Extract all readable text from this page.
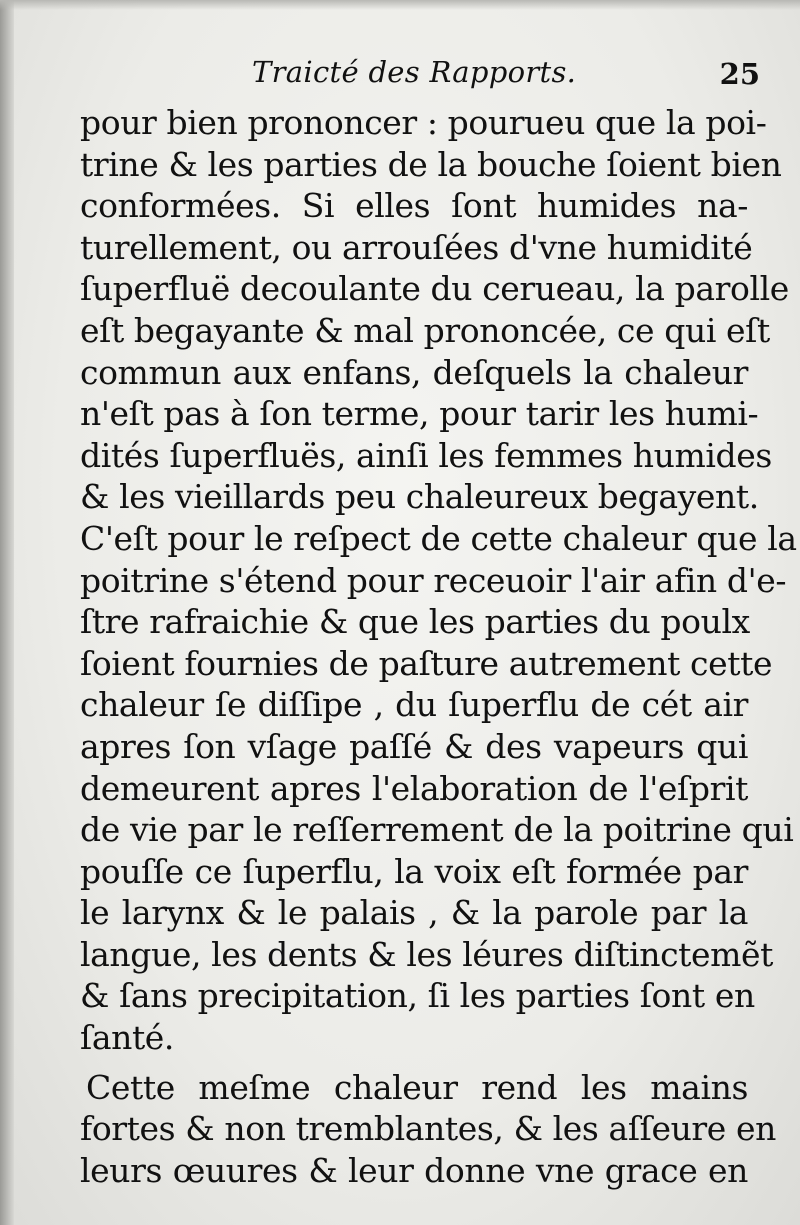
Traicté des Rapports.	25
pour bien prononcer : pouruеu que la poi-
trine & les parties de la bouche ſoient bien
conformées. Si elles ſont humides na-
turellement, ou arrouſées d'vne humidité
ſuperfluë decoulante du cerueau, la parolle
eſt begayante & mal prononcée, ce qui eſt
commun aux enfans, deſquels la chaleur
n'eſt pas à ſon terme, pour tarir les humi-
dités ſuperfluës, ainſi les femmes humides
& les vieillards peu chaleureux begayent.
C'eſt pour le reſpect de cette chaleur que la
poitrine s'étend pour receuoir l'air afin d'e-
ſtre rafraichie & que les parties du poulx
ſoient fournies de paſture autrement cette
chaleur ſe diſſipe , du ſuperflu de cét air
apres ſon vſage paſſé & des vapeurs qui
demeurent apres l'elaboration de l'eſprit
de vie par le reſſerrement de la poitrine qui
pouſſe ce ſuperflu, la voix eſt formée par
le larynx & le palais , & la parole par la
langue, les dents & les léures diſtinctemẽt
& ſans precipitation, ſi les parties ſont en
ſanté.
Cette meſme chaleur rend les mains
fortes & non tremblantes, & les aſſeure en
leurs œuures & leur donne vne grace en
